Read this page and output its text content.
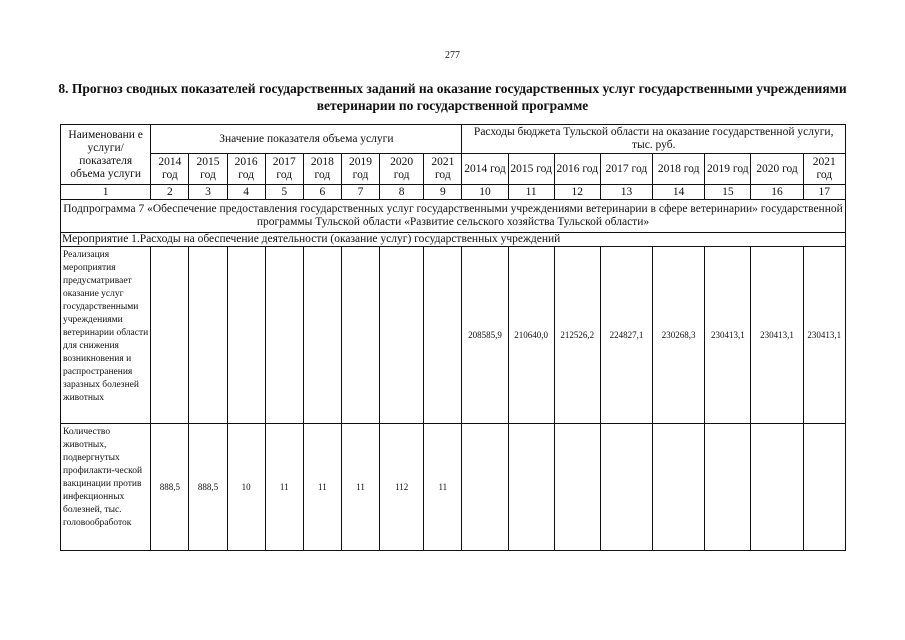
277
8. Прогноз сводных показателей государственных заданий на оказание государственных услуг государственными учреждениями ветеринарии по государственной программе
Наименовани е услуги/ показателя объема услуги	Значение показателя объема услуги								Расходы бюджета Тульской области на оказание государственной услуги, тыс. руб.							
	2014 год	2015 год	2016 год	2017 год	2018 год	2019 год	2020 год	2021 год	2014 год	2015 год	2016 год	2017 год	2018 год	2019 год	2020 год	2021 год
1	2	3	4	5	6	7	8	9	10	11	12	13	14	15	16	17
Подпрограмма 7 «Обеспечение предоставления государственных услуг государственными учреждениями ветеринарии в сфере ветеринарии» государственной программы Тульской области «Развитие сельского хозяйства Тульской области»																
Мероприятие 1.Расходы на обеспечение деятельности (оказание услуг) государственных учреждений																
Реализация мероприятия предусматривает оказание услуг государственными учреждениями ветеринарии области для снижения возникновения и распространения заразных болезней животных									208585,9	210640,0	212526,2	224827,1	230268,3	230413,1	230413,1	230413,1
Количество животных, подвергнутых профилакти-ческой вакцинации против инфекционных болезней, тыс. головообработок	888,5	888,5	10	11	11	11	112	11								
